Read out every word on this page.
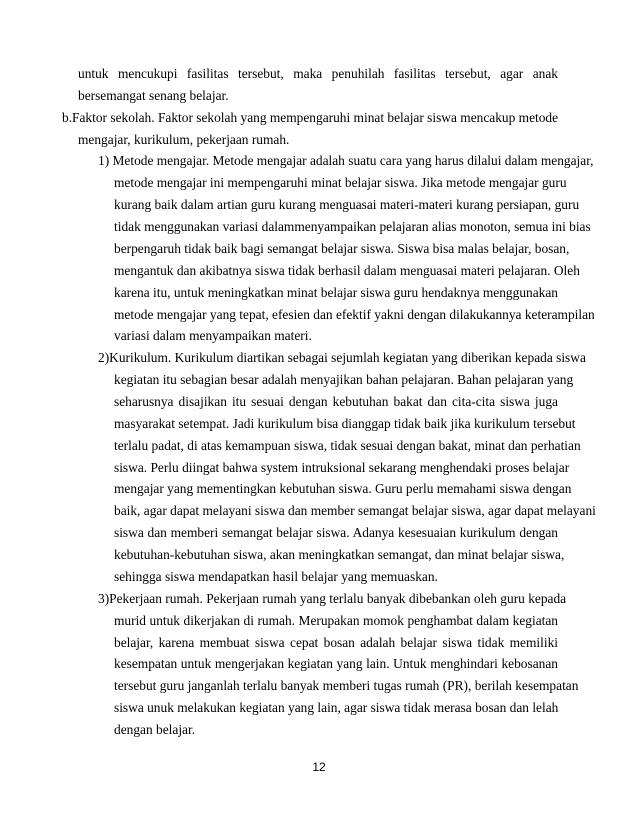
untuk mencukupi fasilitas tersebut, maka penuhilah fasilitas tersebut, agar anak
bersemangat senang belajar.
b.Faktor sekolah. Faktor sekolah yang mempengaruhi minat belajar siswa mencakup metode
mengajar, kurikulum, pekerjaan rumah.
1) Metode mengajar. Metode mengajar adalah suatu cara yang harus dilalui dalam mengajar,
metode mengajar ini mempengaruhi minat belajar siswa. Jika metode mengajar guru
kurang baik dalam artian guru kurang menguasai materi-materi kurang persiapan, guru
tidak menggunakan variasi dalammenyampaikan pelajaran alias monoton, semua ini bias
berpengaruh tidak baik bagi semangat belajar siswa. Siswa bisa malas belajar, bosan,
mengantuk dan akibatnya siswa tidak berhasil dalam menguasai materi pelajaran. Oleh
karena itu, untuk meningkatkan minat belajar siswa guru hendaknya menggunakan
metode mengajar yang tepat, efesien dan efektif yakni dengan dilakukannya keterampilan
variasi dalam menyampaikan materi.
2)Kurikulum. Kurikulum diartikan sebagai sejumlah kegiatan yang diberikan kepada siswa
kegiatan itu sebagian besar adalah menyajikan bahan pelajaran. Bahan pelajaran yang
seharusnya disajikan itu sesuai dengan kebutuhan bakat dan cita-cita siswa juga
masyarakat setempat. Jadi kurikulum bisa dianggap tidak baik jika kurikulum tersebut
terlalu padat, di atas kemampuan siswa, tidak sesuai dengan bakat, minat dan perhatian
siswa. Perlu diingat bahwa system intruksional sekarang menghendaki proses belajar
mengajar yang mementingkan kebutuhan siswa. Guru perlu memahami siswa dengan
baik, agar dapat melayani siswa dan member semangat belajar siswa, agar dapat melayani
siswa dan memberi semangat belajar siswa. Adanya kesesuaian kurikulum dengan
kebutuhan-kebutuhan siswa, akan meningkatkan semangat, dan minat belajar siswa,
sehingga siswa mendapatkan hasil belajar yang memuaskan.
3)Pekerjaan rumah. Pekerjaan rumah yang terlalu banyak dibebankan oleh guru kepada
murid untuk dikerjakan di rumah. Merupakan momok penghambat dalam kegiatan
belajar, karena membuat siswa cepat bosan adalah belajar siswa tidak memiliki
kesempatan untuk mengerjakan kegiatan yang lain. Untuk menghindari kebosanan
tersebut guru janganlah terlalu banyak memberi tugas rumah (PR), berilah kesempatan
siswa unuk melakukan kegiatan yang lain, agar siswa tidak merasa bosan dan lelah
dengan belajar.
12
